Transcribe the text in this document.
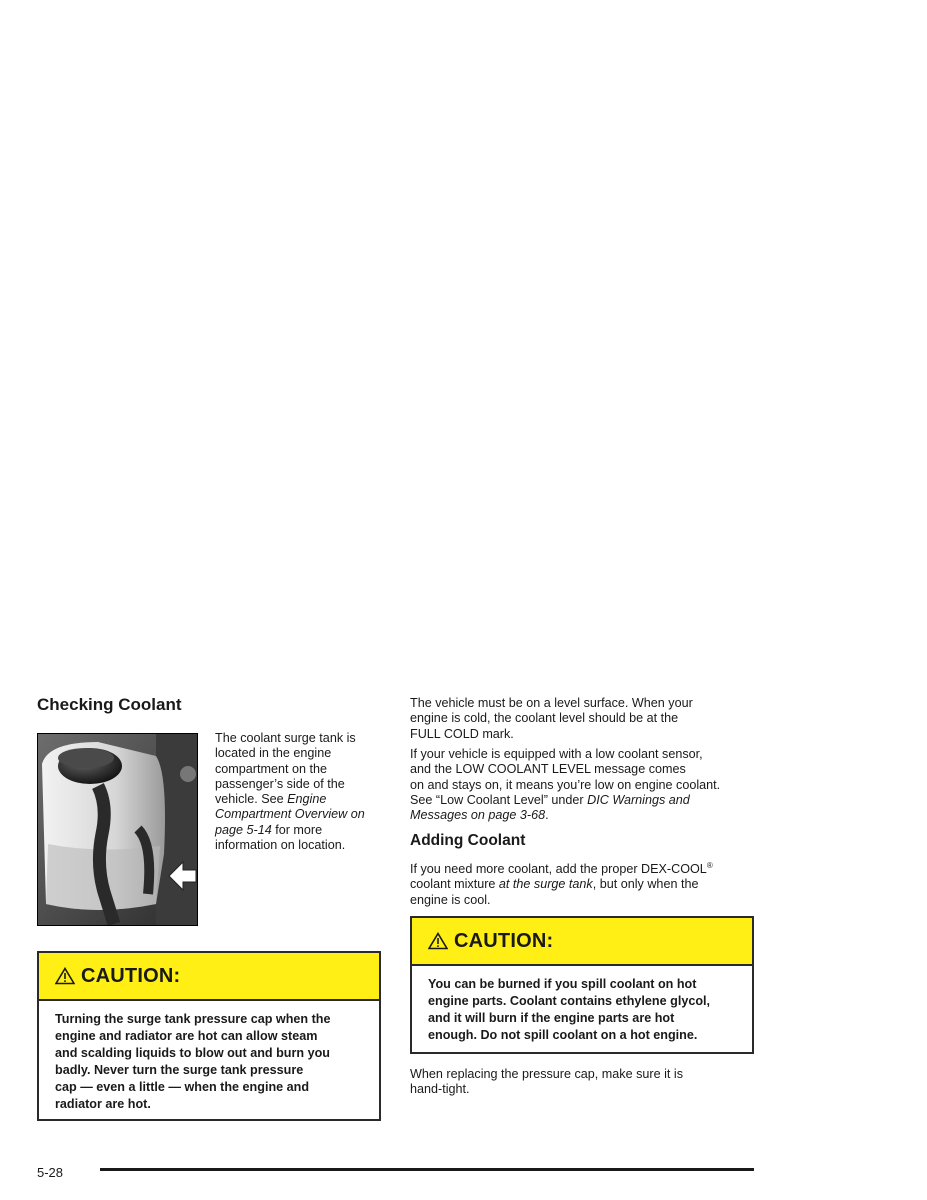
Checking Coolant

The coolant surge tank is
located in the engine
compartment on the
passenger’s side of the
vehicle. See Engine
Compartment Overview on
page 5-14 for more
information on location.

CAUTION:
Turning the surge tank pressure cap when the
engine and radiator are hot can allow steam
and scalding liquids to blow out and burn you
badly. Never turn the surge tank pressure
cap — even a little — when the engine and
radiator are hot.

The vehicle must be on a level surface. When your
engine is cold, the coolant level should be at the
FULL COLD mark.

If your vehicle is equipped with a low coolant sensor,
and the LOW COOLANT LEVEL message comes
on and stays on, it means you’re low on engine coolant.
See “Low Coolant Level” under DIC Warnings and
Messages on page 3-68.

Adding Coolant

If you need more coolant, add the proper DEX-COOL®
coolant mixture at the surge tank, but only when the
engine is cool.

CAUTION:
You can be burned if you spill coolant on hot
engine parts. Coolant contains ethylene glycol,
and it will burn if the engine parts are hot
enough. Do not spill coolant on a hot engine.

When replacing the pressure cap, make sure it is
hand-tight.

5-28
